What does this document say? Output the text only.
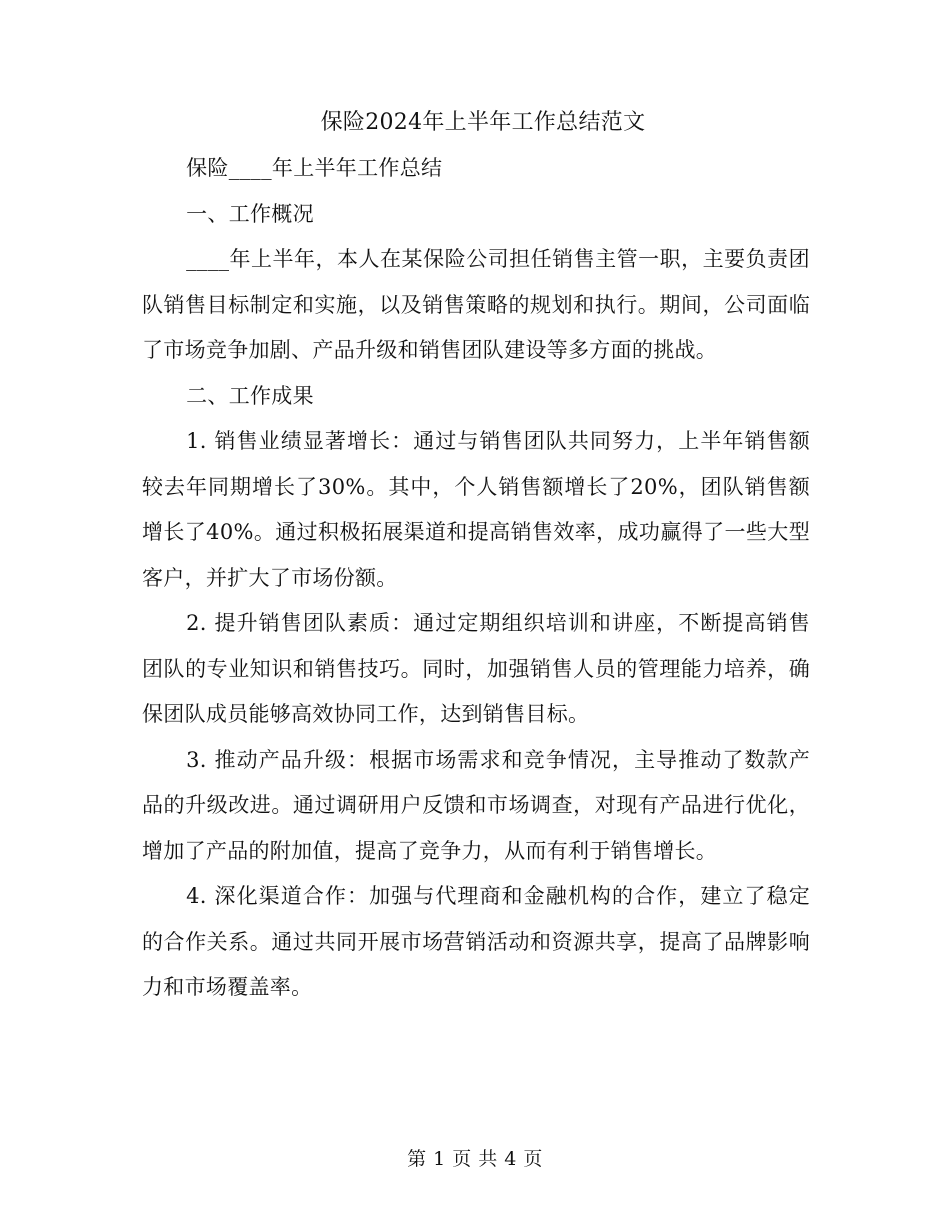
保险2024年上半年工作总结范文

保险____年上半年工作总结

一、工作概况

____年上半年，本人在某保险公司担任销售主管一职，主要负责团队销售目标制定和实施，以及销售策略的规划和执行。期间，公司面临了市场竞争加剧、产品升级和销售团队建设等多方面的挑战。

二、工作成果

1. 销售业绩显著增长：通过与销售团队共同努力，上半年销售额较去年同期增长了30%。其中，个人销售额增长了20%，团队销售额增长了40%。通过积极拓展渠道和提高销售效率，成功赢得了一些大型客户，并扩大了市场份额。

2. 提升销售团队素质：通过定期组织培训和讲座，不断提高销售团队的专业知识和销售技巧。同时，加强销售人员的管理能力培养，确保团队成员能够高效协同工作，达到销售目标。

3. 推动产品升级：根据市场需求和竞争情况，主导推动了数款产品的升级改进。通过调研用户反馈和市场调查，对现有产品进行优化，增加了产品的附加值，提高了竞争力，从而有利于销售增长。

4. 深化渠道合作：加强与代理商和金融机构的合作，建立了稳定的合作关系。通过共同开展市场营销活动和资源共享，提高了品牌影响力和市场覆盖率。

第 1 页 共 4 页
